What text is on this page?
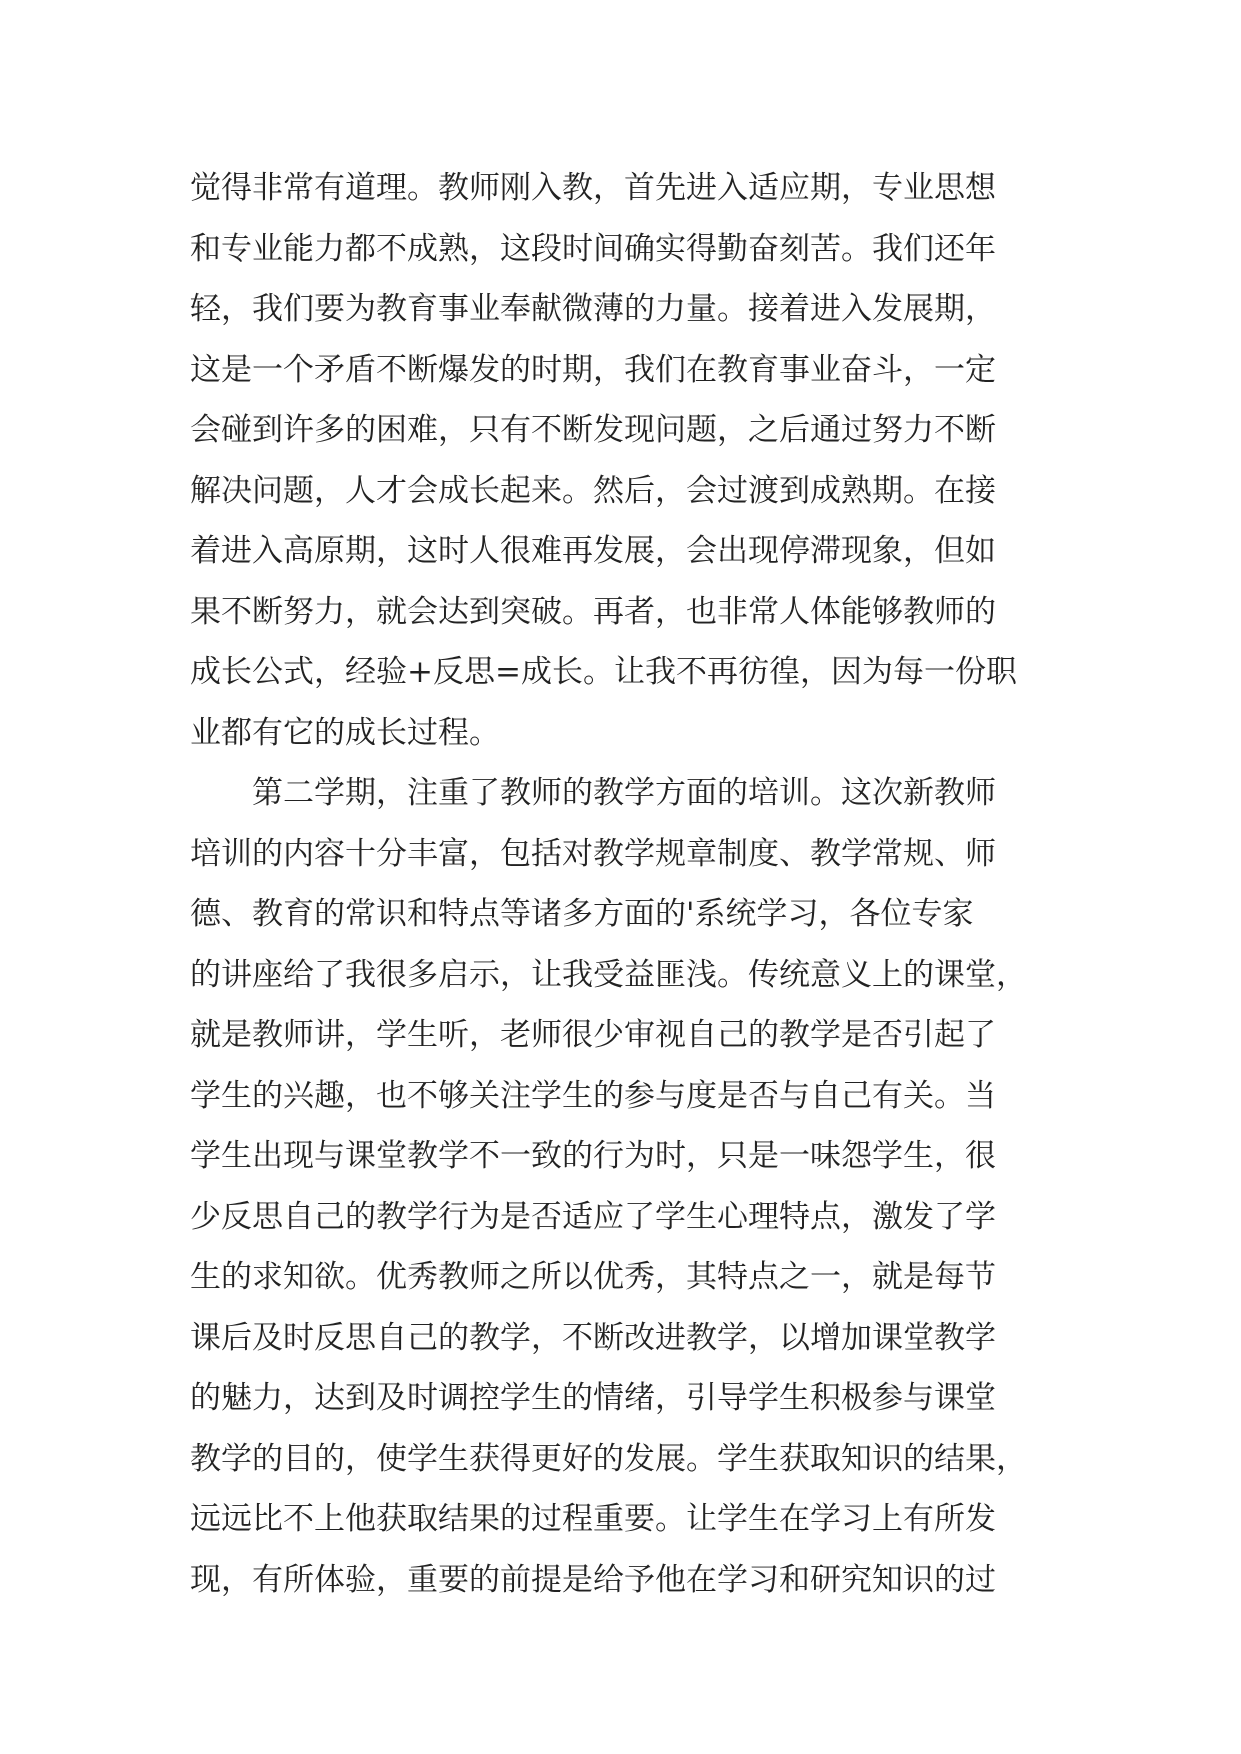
觉得非常有道理。教师刚入教，首先进入适应期，专业思想
和专业能力都不成熟，这段时间确实得勤奋刻苦。我们还年
轻，我们要为教育事业奉献微薄的力量。接着进入发展期，
这是一个矛盾不断爆发的时期，我们在教育事业奋斗，一定
会碰到许多的困难，只有不断发现问题，之后通过努力不断
解决问题，人才会成长起来。然后，会过渡到成熟期。在接
着进入高原期，这时人很难再发展，会出现停滞现象，但如
果不断努力，就会达到突破。再者，也非常人体能够教师的
成长公式，经验+反思=成长。让我不再彷徨，因为每一份职
业都有它的成长过程。
　　第二学期，注重了教师的教学方面的培训。这次新教师
培训的内容十分丰富，包括对教学规章制度、教学常规、师
德、教育的常识和特点等诸多方面的'系统学习，各位专家
的讲座给了我很多启示，让我受益匪浅。传统意义上的课堂，
就是教师讲，学生听，老师很少审视自己的教学是否引起了
学生的兴趣，也不够关注学生的参与度是否与自己有关。当
学生出现与课堂教学不一致的行为时，只是一味怨学生，很
少反思自己的教学行为是否适应了学生心理特点，激发了学
生的求知欲。优秀教师之所以优秀，其特点之一，就是每节
课后及时反思自己的教学，不断改进教学，以增加课堂教学
的魅力，达到及时调控学生的情绪，引导学生积极参与课堂
教学的目的，使学生获得更好的发展。学生获取知识的结果，
远远比不上他获取结果的过程重要。让学生在学习上有所发
现，有所体验，重要的前提是给予他在学习和研究知识的过
